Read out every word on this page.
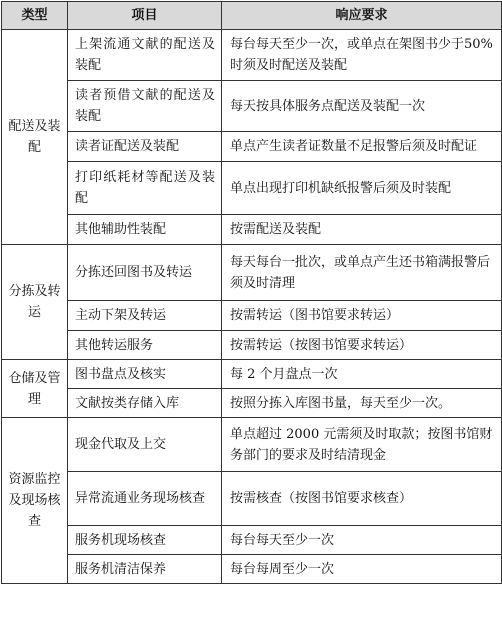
类型	项目	响应要求
配送及装配	上架流通文献的配送及装配	每台每天至少一次，或单点在架图书少于50%时须及时配送及装配
	读者预借文献的配送及装配	每天按具体服务点配送及装配一次
	读者证配送及装配	单点产生读者证数量不足报警后须及时配证
	打印纸耗材等配送及装配	单点出现打印机缺纸报警后须及时装配
	其他辅助性装配	按需配送及装配
分拣及转运	分拣还回图书及转运	每天每台一批次，或单点产生还书箱满报警后须及时清理
	主动下架及转运	按需转运（图书馆要求转运）
	其他转运服务	按需转运（按图书馆要求转运）
仓储及管理	图书盘点及核实	每 2 个月盘点一次
	文献按类存储入库	按照分拣入库图书量，每天至少一次。
资源监控及现场核查	现金代取及上交	单点超过 2000 元需须及时取款；按图书馆财务部门的要求及时结清现金
	异常流通业务现场核查	按需核查（按图书馆要求核查）
	服务机现场核查	每台每天至少一次
	服务机清洁保养	每台每周至少一次
